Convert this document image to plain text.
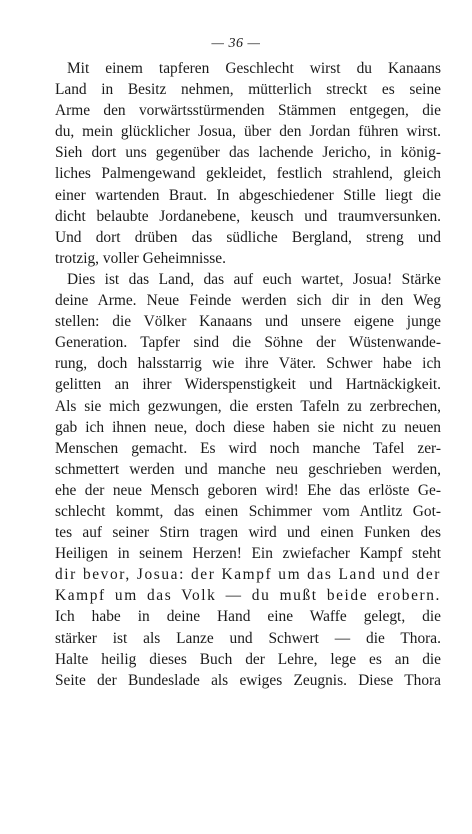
— 36 —
Mit einem tapferen Geschlecht wirst du Kanaans
Land in Besitz nehmen, mütterlich streckt es seine
Arme den vorwärtsstürmenden Stämmen entgegen, die
du, mein glücklicher Josua, über den Jordan führen wirst.
Sieh dort uns gegenüber das lachende Jericho, in könig-
liches Palmengewand gekleidet, festlich strahlend, gleich
einer wartenden Braut. In abgeschiedener Stille liegt die
dicht belaubte Jordanebene, keusch und traumversunken.
Und dort drüben das südliche Bergland, streng und
trotzig, voller Geheimnisse.
Dies ist das Land, das auf euch wartet, Josua! Stärke
deine Arme. Neue Feinde werden sich dir in den Weg
stellen: die Völker Kanaans und unsere eigene junge
Generation. Tapfer sind die Söhne der Wüstenwande-
rung, doch halsstarrig wie ihre Väter. Schwer habe ich
gelitten an ihrer Widerspenstigkeit und Hartnäckigkeit.
Als sie mich gezwungen, die ersten Tafeln zu zerbrechen,
gab ich ihnen neue, doch diese haben sie nicht zu neuen
Menschen gemacht. Es wird noch manche Tafel zer-
schmettert werden und manche neu geschrieben werden,
ehe der neue Mensch geboren wird! Ehe das erlöste Ge-
schlecht kommt, das einen Schimmer vom Antlitz Got-
tes auf seiner Stirn tragen wird und einen Funken des
Heiligen in seinem Herzen! Ein zwiefacher Kampf steht
dir bevor, Josua: der Kampf um das Land und der
Kampf um das Volk — du mußt beide erobern.
Ich habe in deine Hand eine Waffe gelegt, die
stärker ist als Lanze und Schwert — die Thora.
Halte heilig dieses Buch der Lehre, lege es an die
Seite der Bundeslade als ewiges Zeugnis. Diese Thora
